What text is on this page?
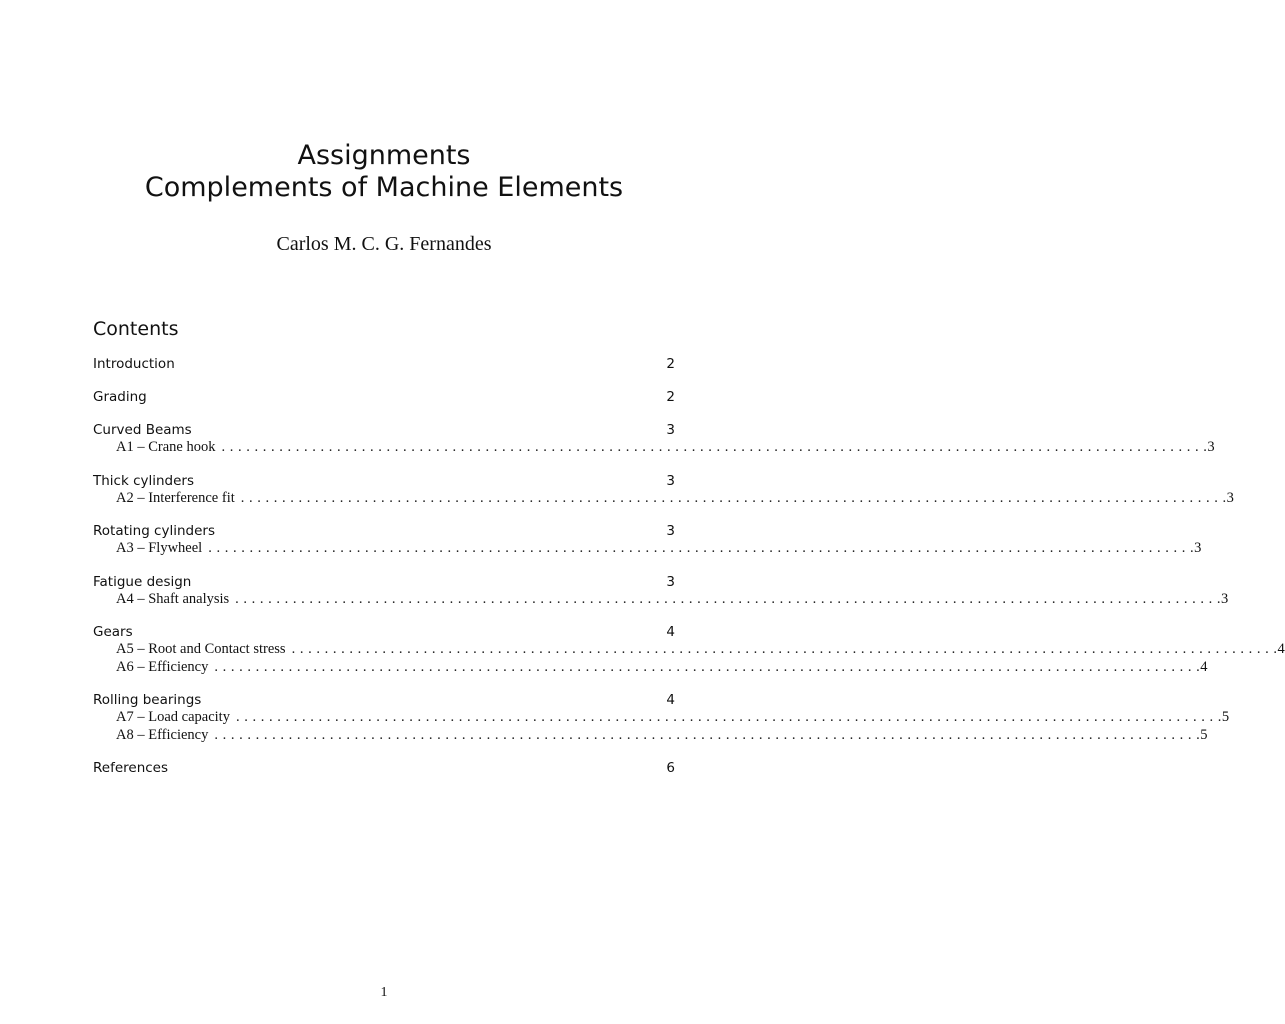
Assignments
Complements of Machine Elements
Carlos M. C. G. Fernandes
Contents
Introduction	2
Grading	2
Curved Beams	3
A1 – Crane hook . . . . . . . . . . . . . . . . . . . . . . . . . . . . . . . . . . . . . . . . . . . . . . . . . . . . . . . . . . . . . . . . . . . . . . . . . . . . . . . . . . . . . . . . . . . . . . . . . . . . . . . . . . . . . . . . . . . . . . . . 3
Thick cylinders	3
A2 – Interference fit . . . . . . . . . . . . . . . . . . . . . . . . . . . . . . . . . . . . . . . . . . . . . . . . . . . . . . . . . . . . . . . . . . . . . . . . . . . . . . . . . . . . . . . . . . . . . . . . . . . . . . . . . . . . . . . . . . . . . . . . 3
Rotating cylinders	3
A3 – Flywheel . . . . . . . . . . . . . . . . . . . . . . . . . . . . . . . . . . . . . . . . . . . . . . . . . . . . . . . . . . . . . . . . . . . . . . . . . . . . . . . . . . . . . . . . . . . . . . . . . . . . . . . . . . . . . . . . . . . . . . . . 3
Fatigue design	3
A4 – Shaft analysis . . . . . . . . . . . . . . . . . . . . . . . . . . . . . . . . . . . . . . . . . . . . . . . . . . . . . . . . . . . . . . . . . . . . . . . . . . . . . . . . . . . . . . . . . . . . . . . . . . . . . . . . . . . . . . . . . . . . . . . . 3
Gears	4
A5 – Root and Contact stress . . . . . . . . . . . . . . . . . . . . . . . . . . . . . . . . . . . . . . . . . . . . . . . . . . . . . . . . . . . . . . . . . . . . . . . . . . . . . . . . . . . . . . . . . . . . . . . . . . . . . . . . . . . . . . . . . . . . . . . . 4
A6 – Efficiency . . . . . . . . . . . . . . . . . . . . . . . . . . . . . . . . . . . . . . . . . . . . . . . . . . . . . . . . . . . . . . . . . . . . . . . . . . . . . . . . . . . . . . . . . . . . . . . . . . . . . . . . . . . . . . . . . . . . . . . . 4
Rolling bearings	4
A7 – Load capacity . . . . . . . . . . . . . . . . . . . . . . . . . . . . . . . . . . . . . . . . . . . . . . . . . . . . . . . . . . . . . . . . . . . . . . . . . . . . . . . . . . . . . . . . . . . . . . . . . . . . . . . . . . . . . . . . . . . . . . . . 5
A8 – Efficiency . . . . . . . . . . . . . . . . . . . . . . . . . . . . . . . . . . . . . . . . . . . . . . . . . . . . . . . . . . . . . . . . . . . . . . . . . . . . . . . . . . . . . . . . . . . . . . . . . . . . . . . . . . . . . . . . . . . . . . . . 5
References	6
1
